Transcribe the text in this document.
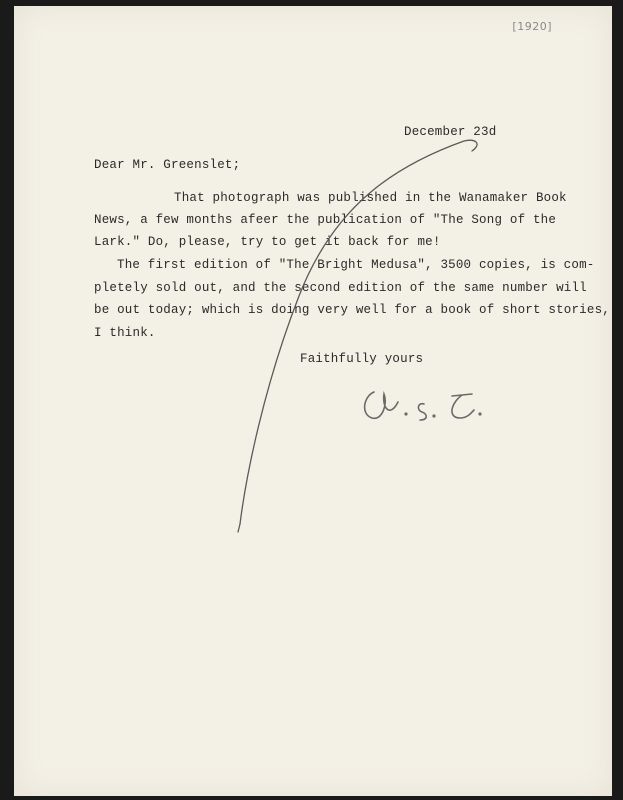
[1920]
December 23d
Dear Mr. Greenslet;
That photograph was published in the Wanamaker Book
News, a few months afeer the publication of "The Song of the
Lark." Do, please, try to get it back for me!
The first edition of "The Bright Medusa", 3500 copies, is com-
pletely sold out, and the second edition of the same number will
be out today; which is doing very well for a book of short stories,
I think.
Faithfully yours
